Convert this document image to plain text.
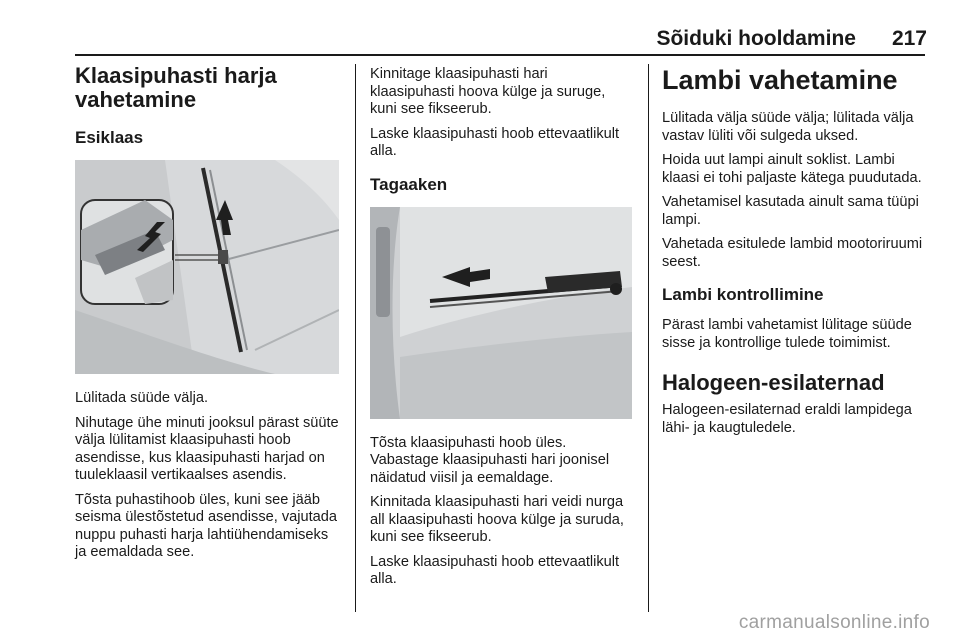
Sõiduki hooldamine 217
Klaasipuhasti harja vahetamine
Esiklaas
Lülitada süüde välja.
Nihutage ühe minuti jooksul pärast süüte välja lülitamist klaasipuhasti hoob asendisse, kus klaasipuhasti harjad on tuuleklaasil vertikaalses asendis.
Tõsta puhastihoob üles, kuni see jääb seisma ülestõstetud asendisse, vajutada nuppu puhasti harja lahtiühendamiseks ja eemaldada see.
Kinnitage klaasipuhasti hari klaasipuhasti hoova külge ja suruge, kuni see fikseerub.
Laske klaasipuhasti hoob ettevaatlikult alla.
Tagaaken
Tõsta klaasipuhasti hoob üles. Vabastage klaasipuhasti hari joonisel näidatud viisil ja eemaldage.
Kinnitada klaasipuhasti hari veidi nurga all klaasipuhasti hoova külge ja suruda, kuni see fikseerub.
Laske klaasipuhasti hoob ettevaatlikult alla.
Lambi vahetamine
Lülitada välja süüde välja; lülitada välja vastav lüliti või sulgeda uksed.
Hoida uut lampi ainult soklist. Lambi klaasi ei tohi paljaste kätega puudutada.
Vahetamisel kasutada ainult sama tüüpi lampi.
Vahetada esitulede lambid mootoriruumi seest.
Lambi kontrollimine
Pärast lambi vahetamist lülitage süüde sisse ja kontrollige tulede toimimist.
Halogeen-esilaternad
Halogeen-esilaternad eraldi lampidega lähi- ja kaugtuledele.
carmanualsonline.info
